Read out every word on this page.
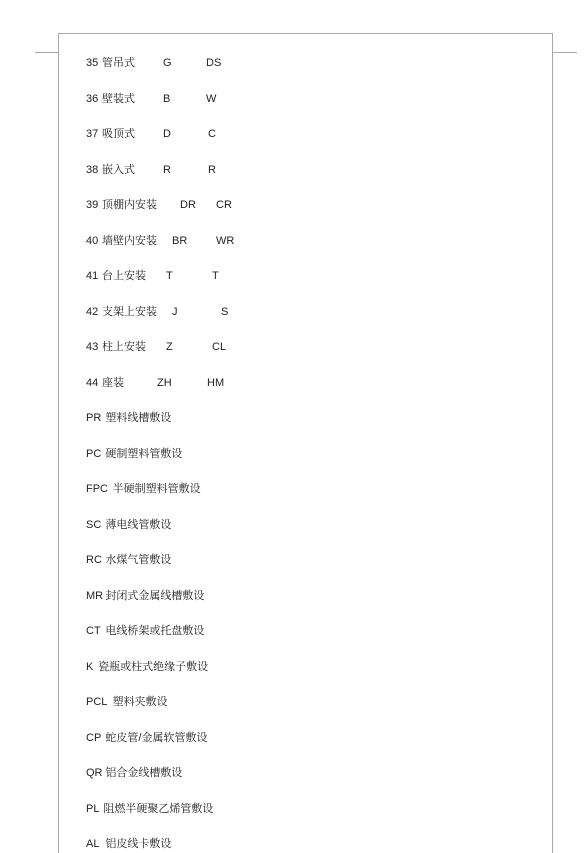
35 管吊式	G	DS
36 壁装式	B	W
37 吸顶式	D	C
38 嵌入式	R	R
39 顶棚内安装 DR CR
40 墙壁内安装 BR	WR
41 台上安装 T	T
42 支架上安装 J	S
43 柱上安装 Z	CL
44 座装	ZH	HM
PR 塑料线槽敷设
PC 硬制塑料管敷设
FPC 半硬制塑料管敷设
SC 薄电线管敷设
RC 水煤气管敷设
MR 封闭式金属线槽敷设
CT 电线桥架或托盘敷设
K 瓷瓶或柱式绝缘子敷设
PCL 塑料夹敷设
CP 蛇皮管/金属软管敷设
QR 铝合金线槽敷设
PL 阻燃半硬聚乙烯管敷设
AL 铝皮线卡敷设
